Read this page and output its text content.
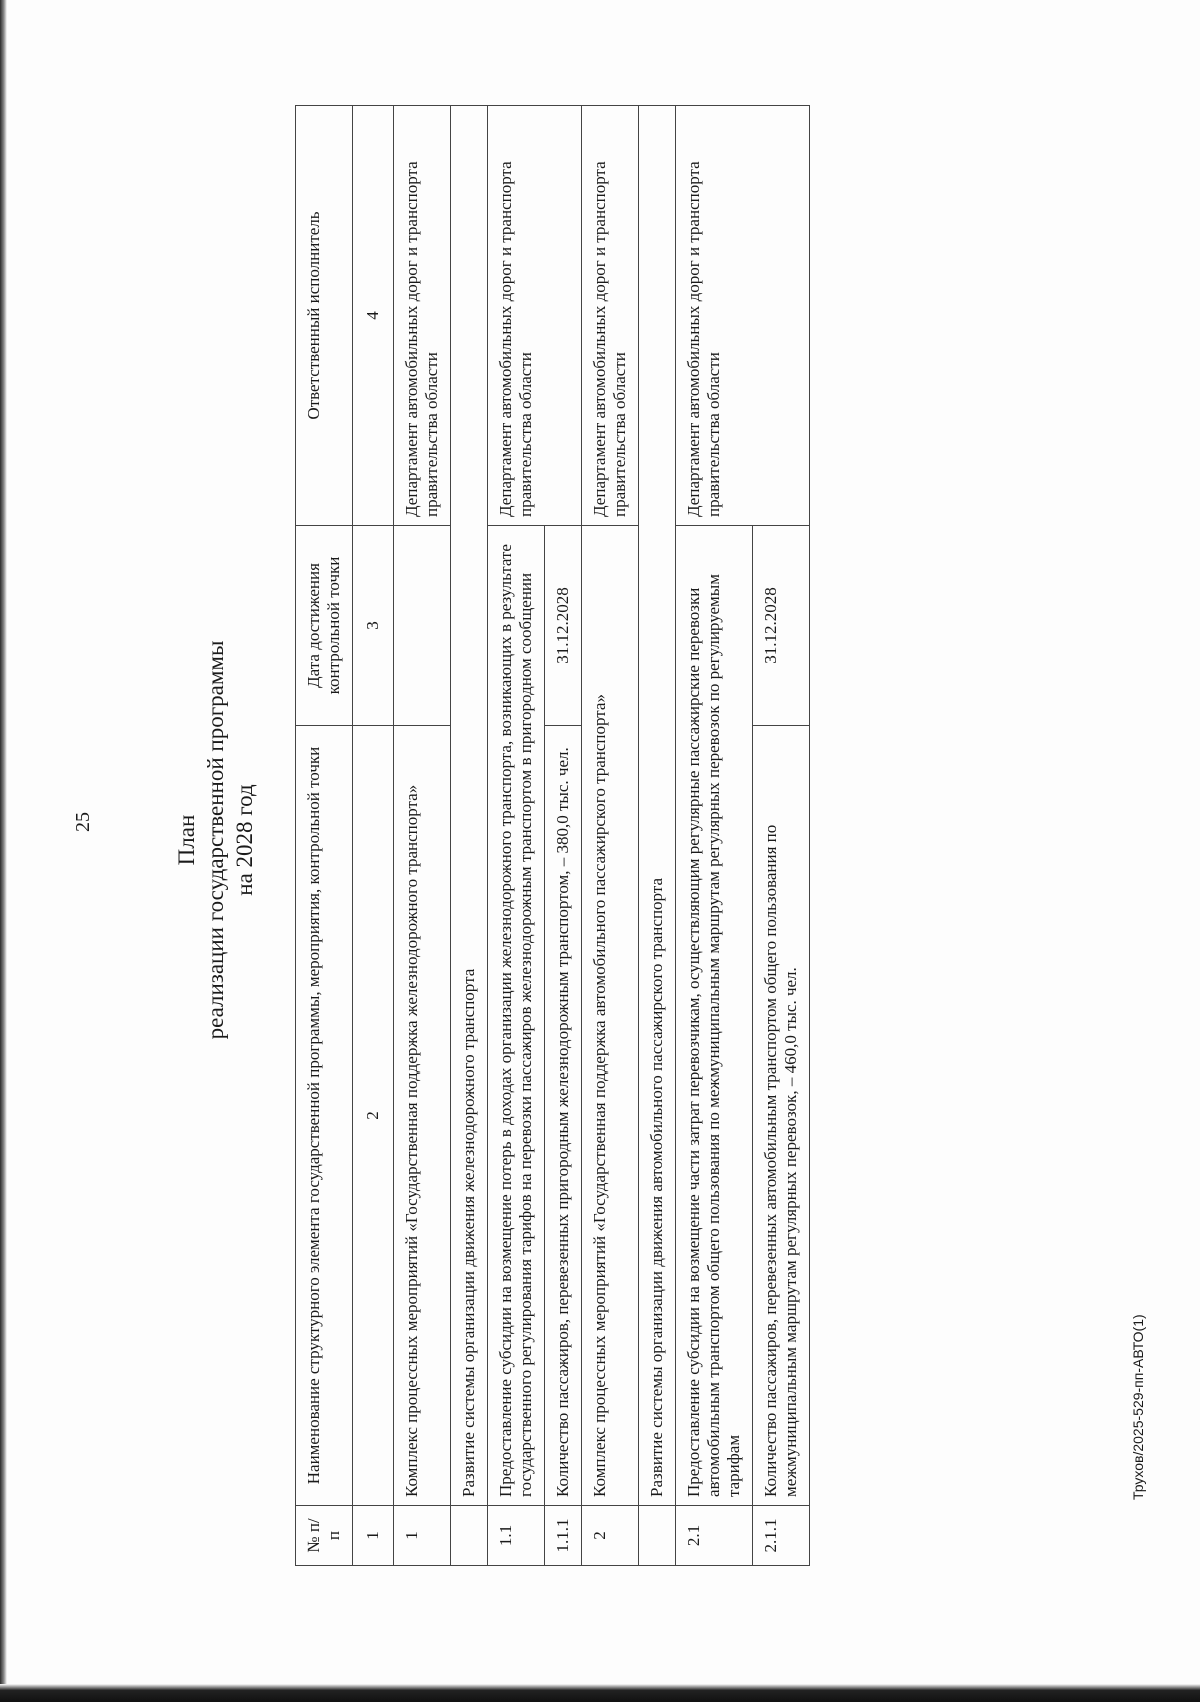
25	План реализации государственной программы на 2028 год
Трухов/2025-529-пп-АВТО(1)
№ п/п	Наименование структурного элемента государственной программы, мероприятия, контрольной точки	Дата достижения контрольной точки	Ответственный исполнитель
1	2	3	4
1	Комплекс процессных мероприятий «Государственная поддержка железнодорожного транспорта»		Департамент автомобильных дорог и транспорта правительства области
	Развитие системы организации движения железнодорожного транспорта		
1.1	Предоставление субсидии на возмещение потерь в доходах организации железнодорожного транспорта, возникающих в результате государственного регулирования тарифов на перевозки пассажиров железнодорожным транспортом в пригородном сообщении		Департамент автомобильных дорог и транспорта правительства области
1.1.1	Количество пассажиров, перевезенных пригородным железнодорожным транспортом, – 380,0 тыс. чел.	31.12.2028	
2	Комплекс процессных мероприятий «Государственная поддержка автомобильного пассажирского транспорта»		Департамент автомобильных дорог и транспорта правительства области
	Развитие системы организации движения автомобильного пассажирского транспорта		
2.1	Предоставление субсидии на возмещение части затрат перевозчикам, осуществляющим регулярные пассажирские перевозки автомобильным транспортом общего пользования по межмуниципальным маршрутам регулярных перевозок по регулируемым тарифам		Департамент автомобильных дорог и транспорта правительства области
2.1.1	Количество пассажиров, перевезенных автомобильным транспортом общего пользования по межмуниципальным маршрутам регулярных перевозок, – 460,0 тыс. чел.	31.12.2028	
